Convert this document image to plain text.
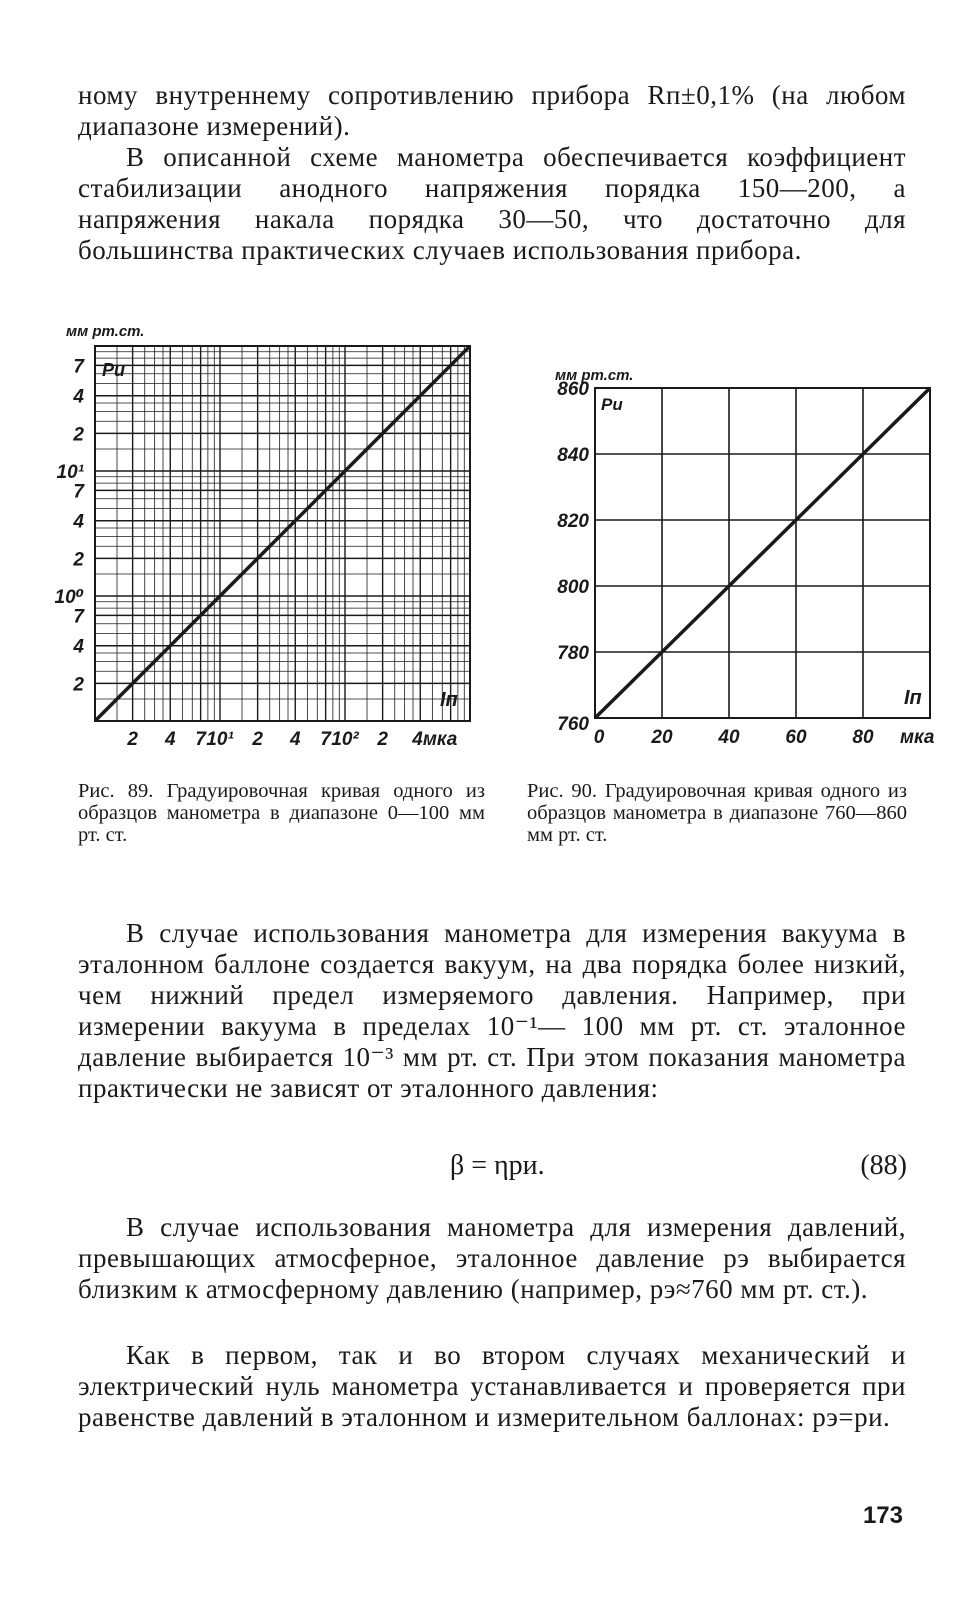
ному внутреннему сопротивлению прибора Rп±0,1% (на любом диапазоне измерений).

В описанной схеме манометра обеспечивается коэффициент стабилизации анодного напряжения порядка 150—200, а напряжения накала порядка 30—50, что достаточно для большинства практических случаев использования прибора.

мм рт.ст.
Pи
Iп
2
4
7
10⁰
2
4
7
10¹
2
4
7
2 4 7 10¹ 2 4 7 10² 2 4мка
мм рт.ст.
Pи
Iп
760
780
800
820
840
860
0 20 40 60 80 мка

Рис. 89. Градуировочная кривая одного из образцов манометра в диапазоне 0—100 мм рт. ст.

Рис. 90. Градуировочная кривая одного из образцов манометра в диапазоне 760—860 мм рт. ст.

В случае использования манометра для измерения вакуума в эталонном баллоне создается вакуум, на два порядка более низкий, чем нижний предел измеряемого давления. Например, при измерении вакуума в пределах 10⁻¹— 100 мм рт. ст. эталонное давление выбирается 10⁻³ мм рт. ст. При этом показания манометра практически не зависят от эталонного давления:

β = ηpи.	(88)

В случае использования манометра для измерения давлений, превышающих атмосферное, эталонное давление pэ выбирается близким к атмосферному давлению (например, pэ≈760 мм рт. ст.).

Как в первом, так и во втором случаях механический и электрический нуль манометра устанавливается и проверяется при равенстве давлений в эталонном и измерительном баллонах: pэ=pи.

173
